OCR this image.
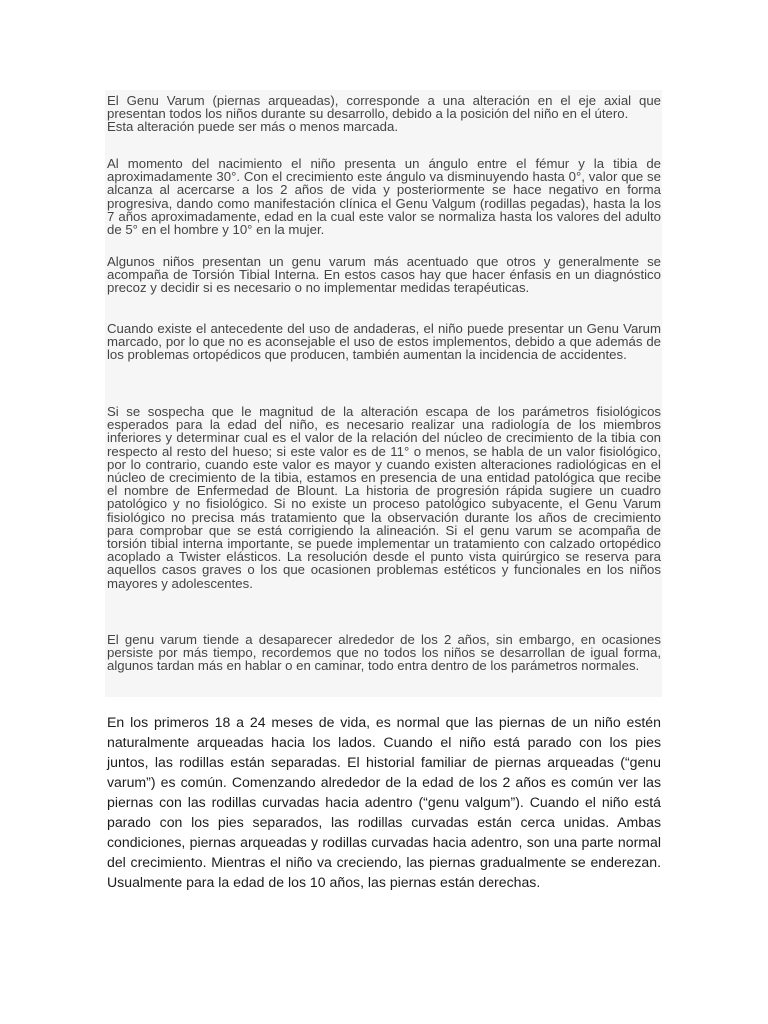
El Genu Varum (piernas arqueadas), corresponde a una alteración en el eje axial que presentan todos los niños durante su desarrollo, debido a la posición del niño en el útero.
Esta alteración puede ser más o menos marcada.

Al momento del nacimiento el niño presenta un ángulo entre el fémur y la tibia de aproximadamente 30°. Con el crecimiento este ángulo va disminuyendo hasta 0°, valor que se alcanza al acercarse a los 2 años de vida y posteriormente se hace negativo en forma progresiva, dando como manifestación clínica el Genu Valgum (rodillas pegadas), hasta la los 7 años aproximadamente, edad en la cual este valor se normaliza hasta los valores del adulto de 5° en el hombre y 10° en la mujer.

Algunos niños presentan un genu varum más acentuado que otros y generalmente se acompaña de Torsión Tibial Interna. En estos casos hay que hacer énfasis en un diagnóstico precoz y decidir si es necesario o no implementar medidas terapéuticas.

Cuando existe el antecedente del uso de andaderas, el niño puede presentar un Genu Varum marcado, por lo que no es aconsejable el uso de estos implementos, debido a que además de los problemas ortopédicos que producen, también aumentan la incidencia de accidentes.

Si se sospecha que le magnitud de la alteración escapa de los parámetros fisiológicos esperados para la edad del niño, es necesario realizar una radiología de los miembros inferiores y determinar cual es el valor de la relación del núcleo de crecimiento de la tibia con respecto al resto del hueso; si este valor es de 11° o menos, se habla de un valor fisiológico, por lo contrario, cuando este valor es mayor y cuando existen alteraciones radiológicas en el núcleo de crecimiento de la tibia, estamos en presencia de una entidad patológica que recibe el nombre de Enfermedad de Blount. La historia de progresión rápida sugiere un cuadro patológico y no fisiológico. Si no existe un proceso patológico subyacente, el Genu Varum fisiológico no precisa más tratamiento que la observación durante los años de crecimiento para comprobar que se está corrigiendo la alineación. Si el genu varum se acompaña de torsión tibial interna importante, se puede implementar un tratamiento con calzado ortopédico acoplado a Twister elásticos. La resolución desde el punto vista quirúrgico se reserva para aquellos casos graves o los que ocasionen problemas estéticos y funcionales en los niños mayores y adolescentes.

El genu varum tiende a desaparecer alrededor de los 2 años, sin embargo, en ocasiones persiste por más tiempo, recordemos que no todos los niños se desarrollan de igual forma, algunos tardan más en hablar o en caminar, todo entra dentro de los parámetros normales.

En los primeros 18 a 24 meses de vida, es normal que las piernas de un niño estén naturalmente arqueadas hacia los lados. Cuando el niño está parado con los pies juntos, las rodillas están separadas. El historial familiar de piernas arqueadas (“genu varum”) es común. Comenzando alrededor de la edad de los 2 años es común ver las piernas con las rodillas curvadas hacia adentro (“genu valgum”). Cuando el niño está parado con los pies separados, las rodillas curvadas están cerca unidas. Ambas condiciones, piernas arqueadas y rodillas curvadas hacia adentro, son una parte normal del crecimiento. Mientras el niño va creciendo, las piernas gradualmente se enderezan. Usualmente para la edad de los 10 años, las piernas están derechas.
